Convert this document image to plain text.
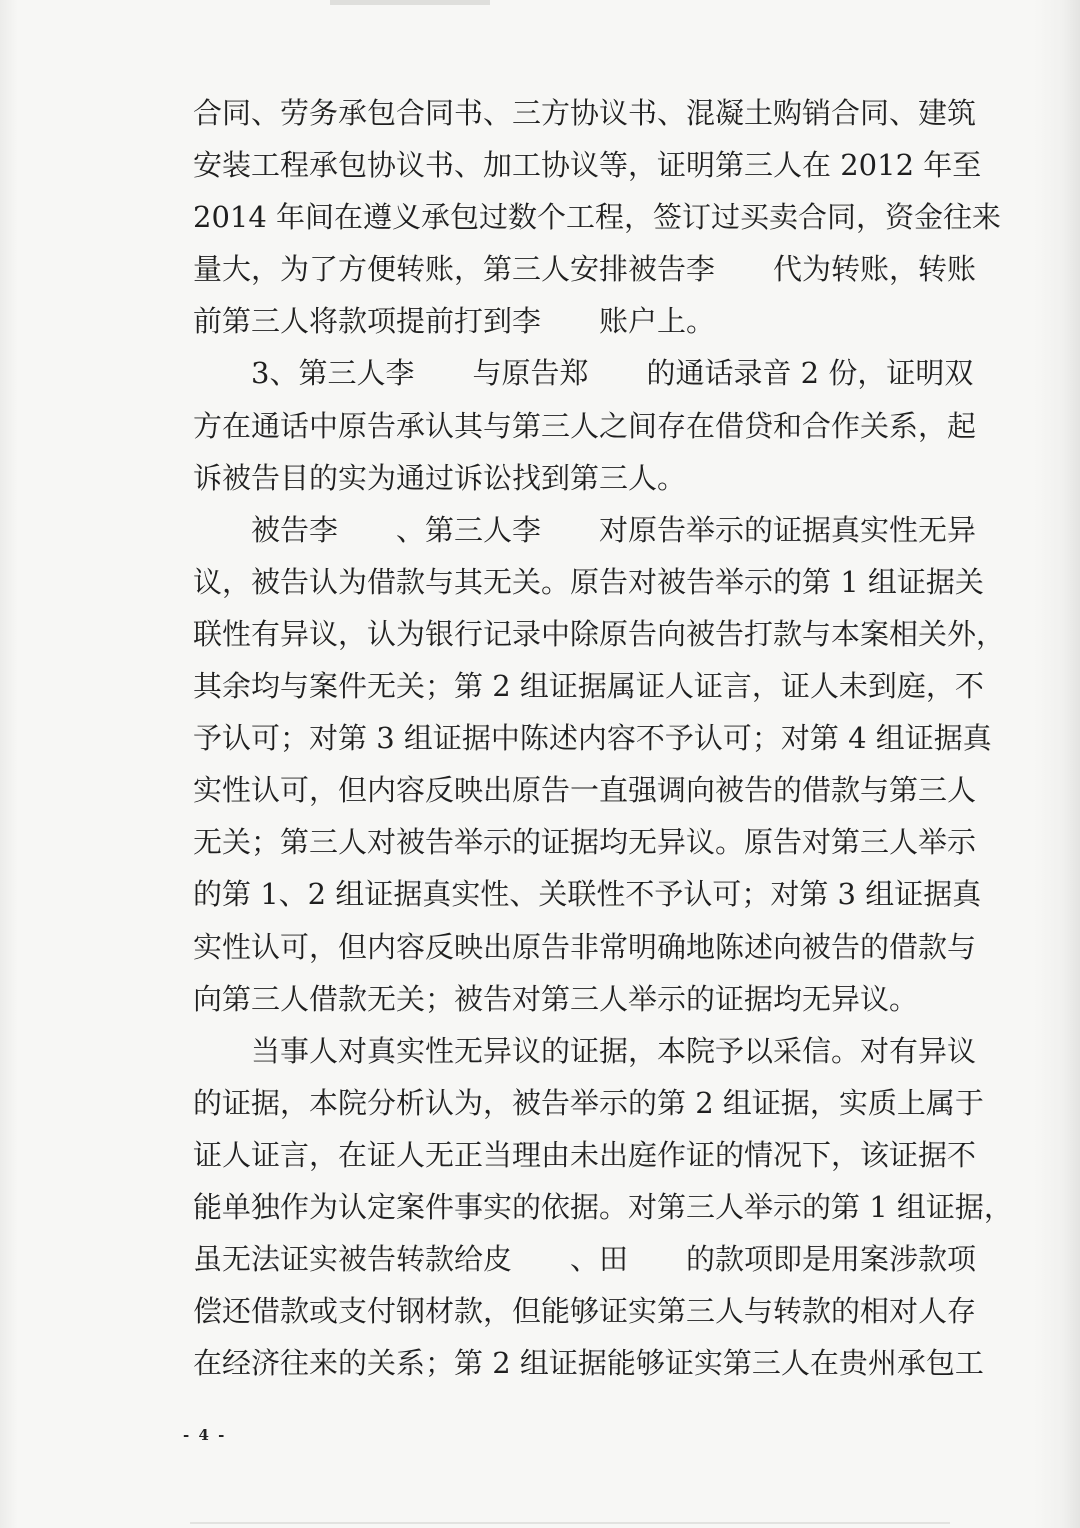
合同、劳务承包合同书、三方协议书、混凝土购销合同、建筑
安装工程承包协议书、加工协议等，证明第三人在 2012 年至
2014 年间在遵义承包过数个工程，签订过买卖合同，资金往来
量大，为了方便转账，第三人安排被告李　　代为转账，转账
前第三人将款项提前打到李　　账户上。
　　3、第三人李　　与原告郑　　的通话录音 2 份，证明双
方在通话中原告承认其与第三人之间存在借贷和合作关系，起
诉被告目的实为通过诉讼找到第三人。
　　被告李　　、第三人李　　对原告举示的证据真实性无异
议，被告认为借款与其无关。原告对被告举示的第 1 组证据关
联性有异议，认为银行记录中除原告向被告打款与本案相关外，
其余均与案件无关；第 2 组证据属证人证言，证人未到庭，不
予认可；对第 3 组证据中陈述内容不予认可；对第 4 组证据真
实性认可，但内容反映出原告一直强调向被告的借款与第三人
无关；第三人对被告举示的证据均无异议。原告对第三人举示
的第 1、2 组证据真实性、关联性不予认可；对第 3 组证据真
实性认可，但内容反映出原告非常明确地陈述向被告的借款与
向第三人借款无关；被告对第三人举示的证据均无异议。
　　当事人对真实性无异议的证据，本院予以采信。对有异议
的证据，本院分析认为，被告举示的第 2 组证据，实质上属于
证人证言，在证人无正当理由未出庭作证的情况下，该证据不
能单独作为认定案件事实的依据。对第三人举示的第 1 组证据，
虽无法证实被告转款给皮　　、田　　的款项即是用案涉款项
偿还借款或支付钢材款，但能够证实第三人与转款的相对人存
在经济往来的关系；第 2 组证据能够证实第三人在贵州承包工
- 4 -
